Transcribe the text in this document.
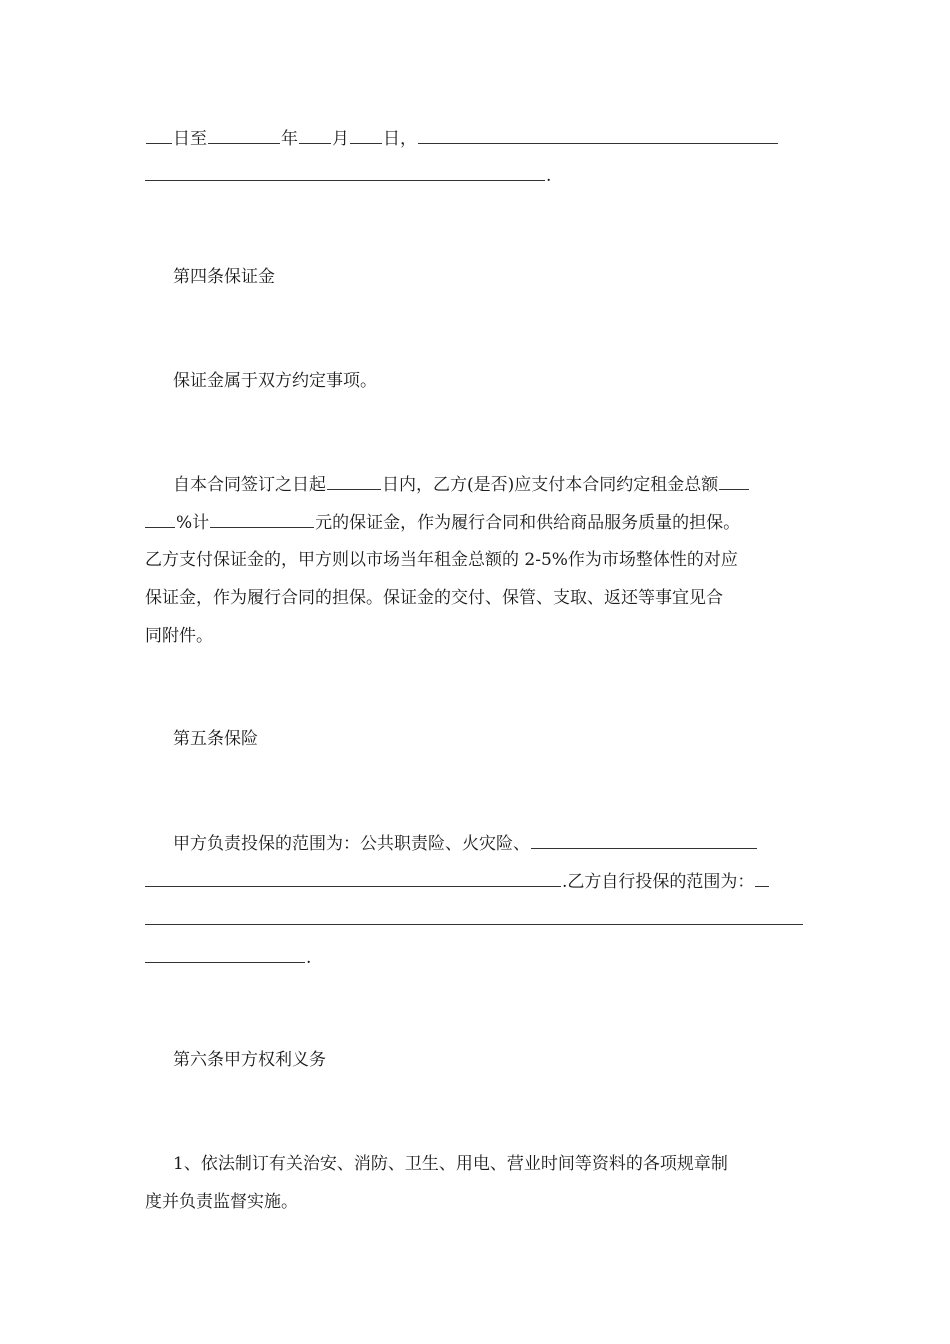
日至	年 月 日，
.
第四条保证金
保证金属于双方约定事项。
自本合同签订之日起	日内，乙方(是否)应支付本合同约定租金总额
%计	元的保证金，作为履行合同和供给商品服务质量的担保。
乙方支付保证金的，甲方则以市场当年租金总额的 2-5%作为市场整体性的对应
保证金，作为履行合同的担保。保证金的交付、保管、支取、返还等事宜见合
同附件。
第五条保险
甲方负责投保的范围为：公共职责险、火灾险、
.乙方自行投保的范围为：
.
第六条甲方权利义务
1、依法制订有关治安、消防、卫生、用电、营业时间等资料的各项规章制
度并负责监督实施。
